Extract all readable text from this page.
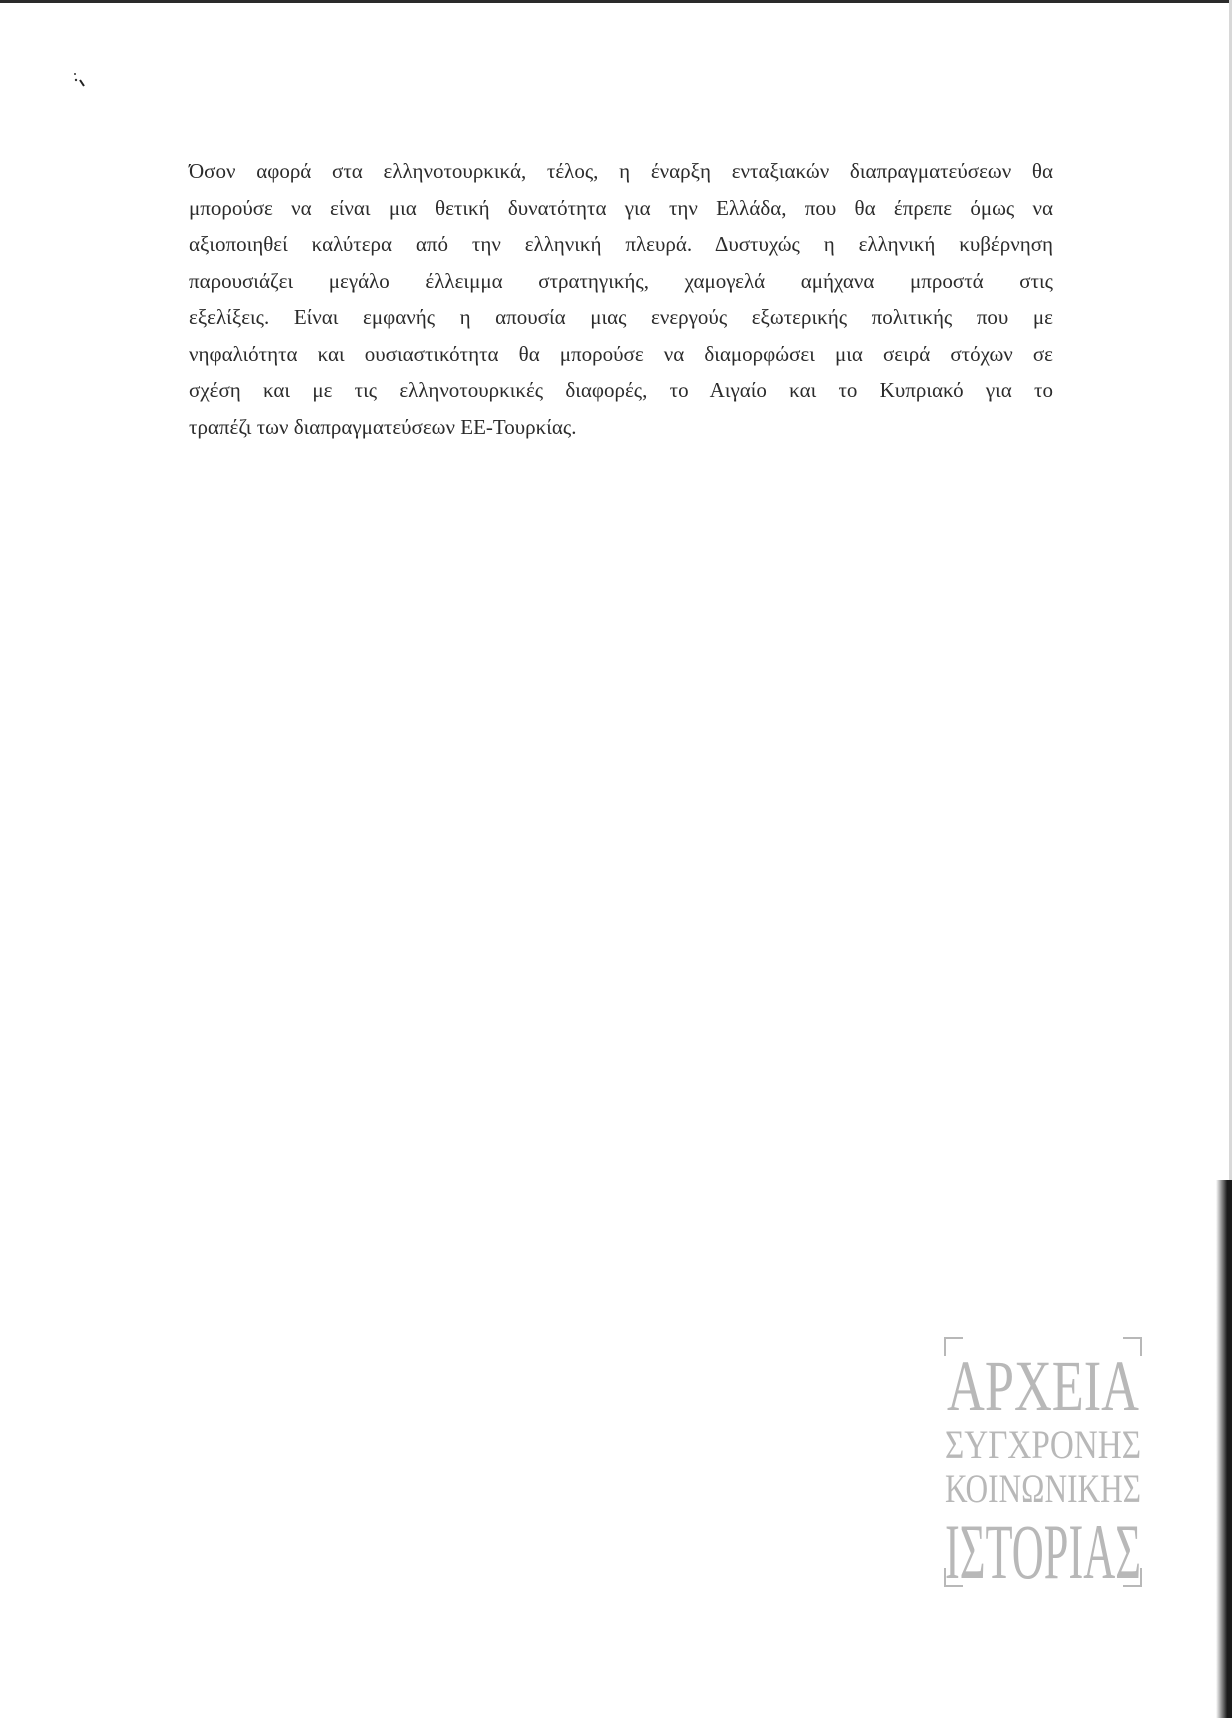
Όσον αφορά στα ελληνοτουρκικά, τέλος, η έναρξη ενταξιακών διαπραγματεύσεων θα
μπορούσε να είναι μια θετική δυνατότητα για την Ελλάδα, που θα έπρεπε όμως να
αξιοποιηθεί καλύτερα από την ελληνική πλευρά. Δυστυχώς η ελληνική κυβέρνηση
παρουσιάζει μεγάλο έλλειμμα στρατηγικής, χαμογελά αμήχανα μπροστά στις
εξελίξεις. Είναι εμφανής η απουσία μιας ενεργούς εξωτερικής πολιτικής που με
νηφαλιότητα και ουσιαστικότητα θα μπορούσε να διαμορφώσει μια σειρά στόχων σε
σχέση και με τις ελληνοτουρκικές διαφορές, το Αιγαίο και το Κυπριακό για το
τραπέζι των διαπραγματεύσεων ΕΕ-Τουρκίας.
ΑΡΧΕΙΑ
ΣΥΓΧΡΟΝΗΣ
ΚΟΙΝΩΝΙΚΗΣ
ΙΣΤΟΡΙΑΣ
